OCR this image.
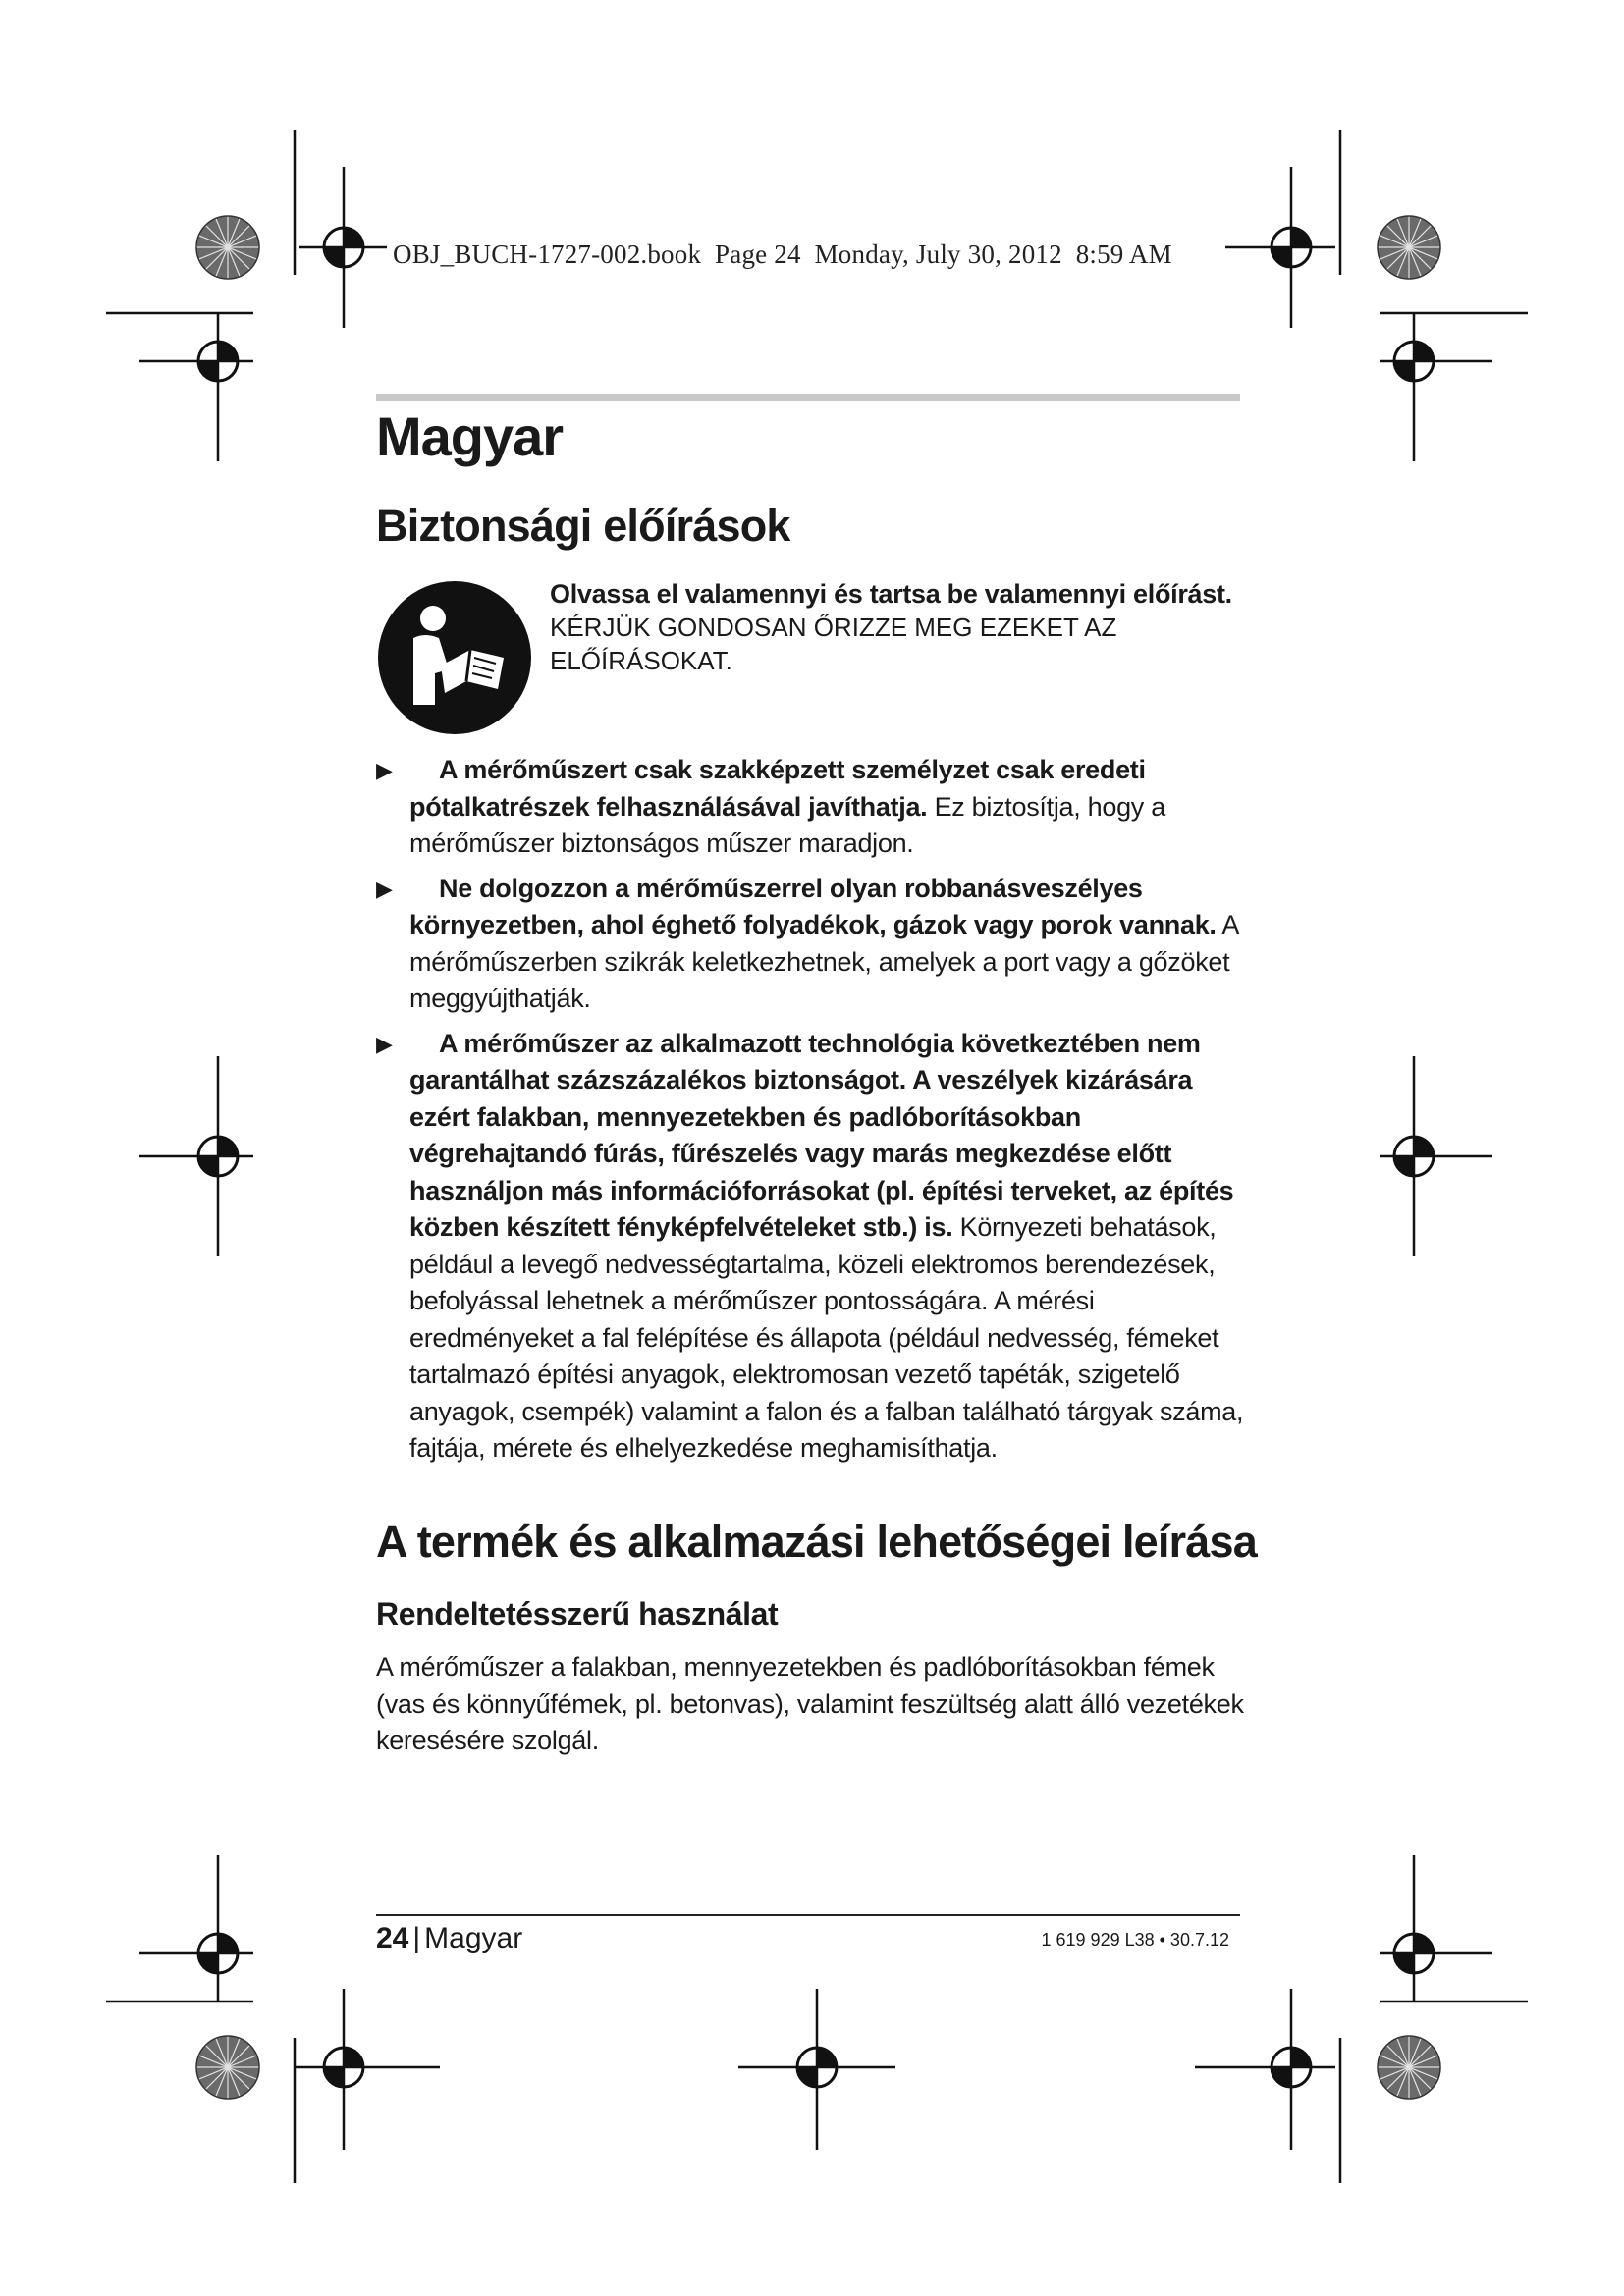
OBJ_BUCH-1727-002.book  Page 24  Monday, July 30, 2012  8:59 AM
Magyar
Biztonsági előírások
Olvassa el valamennyi és tartsa be valamennyi előírást.
KÉRJÜK GONDOSAN ŐRIZZE MEG EZEKET AZ ELŐÍRÁSOKAT.
▶ A mérőműszert csak szakképzett személyzet csak eredeti pótalkatrészek felhasználásával javíthatja. Ez biztosítja, hogy a mérőműszer biztonságos műszer maradjon.
▶ Ne dolgozzon a mérőműszerrel olyan robbanásveszélyes környezetben, ahol éghető folyadékok, gázok vagy porok vannak. A mérőműszerben szikrák keletkezhetnek, amelyek a port vagy a gőzöket meggyújthatják.
▶ A mérőműszer az alkalmazott technológia következtében nem garantálhat százszázalékos biztonságot. A veszélyek kizárására ezért falakban, mennyezetekben és padlóborításokban végrehajtandó fúrás, fűrészelés vagy marás megkezdése előtt használjon más információforrásokat (pl. építési terveket, az építés közben készített fényképfelvételeket stb.) is. Környezeti behatások, például a levegő nedvességtartalma, közeli elektromos berendezések, befolyással lehetnek a mérőműszer pontosságára. A mérési eredményeket a fal felépítése és állapota (például nedvesség, fémeket tartalmazó építési anyagok, elektromosan vezető tapéták, szigetelő anyagok, csempék) valamint a falon és a falban található tárgyak száma, fajtája, mérete és elhelyezkedése meghamisíthatja.
A termék és alkalmazási lehetőségei leírása
Rendeltetésszerű használat

A mérőműszer a falakban, mennyezetekben és padlóborításokban fémek (vas és könnyűfémek, pl. betonvas), valamint feszültség alatt álló vezetékek keresésére szolgál.

24 | Magyar	1 619 929 L38 • 30.7.12
